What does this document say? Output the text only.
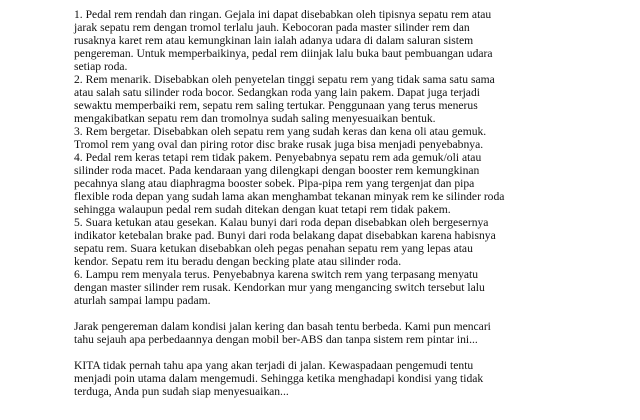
1. Pedal rem rendah dan ringan. Gejala ini dapat disebabkan oleh tipisnya sepatu rem atau
jarak sepatu rem dengan tromol terlalu jauh. Kebocoran pada master silinder rem dan
rusaknya karet rem atau kemungkinan lain ialah adanya udara di dalam saluran sistem
pengereman. Untuk memperbaikinya, pedal rem diinjak lalu buka baut pembuangan udara
setiap roda.
2. Rem menarik. Disebabkan oleh penyetelan tinggi sepatu rem yang tidak sama satu sama
atau salah satu silinder roda bocor. Sedangkan roda yang lain pakem. Dapat juga terjadi
sewaktu memperbaiki rem, sepatu rem saling tertukar. Penggunaan yang terus menerus
mengakibatkan sepatu rem dan tromolnya sudah saling menyesuaikan bentuk.
3. Rem bergetar. Disebabkan oleh sepatu rem yang sudah keras dan kena oli atau gemuk.
Tromol rem yang oval dan piring rotor disc brake rusak juga bisa menjadi penyebabnya.
4. Pedal rem keras tetapi rem tidak pakem. Penyebabnya sepatu rem ada gemuk/oli atau
silinder roda macet. Pada kendaraan yang dilengkapi dengan booster rem kemungkinan
pecahnya slang atau diaphragma booster sobek. Pipa-pipa rem yang tergenjat dan pipa
flexible roda depan yang sudah lama akan menghambat tekanan minyak rem ke silinder roda
sehingga walaupun pedal rem sudah ditekan dengan kuat tetapi rem tidak pakem.
5. Suara ketukan atau gesekan. Kalau bunyi dari roda depan disebabkan oleh bergesernya
indikator ketebalan brake pad. Bunyi dari roda belakang dapat disebabkan karena habisnya
sepatu rem. Suara ketukan disebabkan oleh pegas penahan sepatu rem yang lepas atau
kendor. Sepatu rem itu beradu dengan becking plate atau silinder roda.
6. Lampu rem menyala terus. Penyebabnya karena switch rem yang terpasang menyatu
dengan master silinder rem rusak. Kendorkan mur yang mengancing switch tersebut lalu
aturlah sampai lampu padam.
Jarak pengereman dalam kondisi jalan kering dan basah tentu berbeda. Kami pun mencari
tahu sejauh apa perbedaannya dengan mobil ber-ABS dan tanpa sistem rem pintar ini...
KITA tidak pernah tahu apa yang akan terjadi di jalan. Kewaspadaan pengemudi tentu
menjadi poin utama dalam mengemudi. Sehingga ketika menghadapi kondisi yang tidak
terduga, Anda pun sudah siap menyesuaikan...
